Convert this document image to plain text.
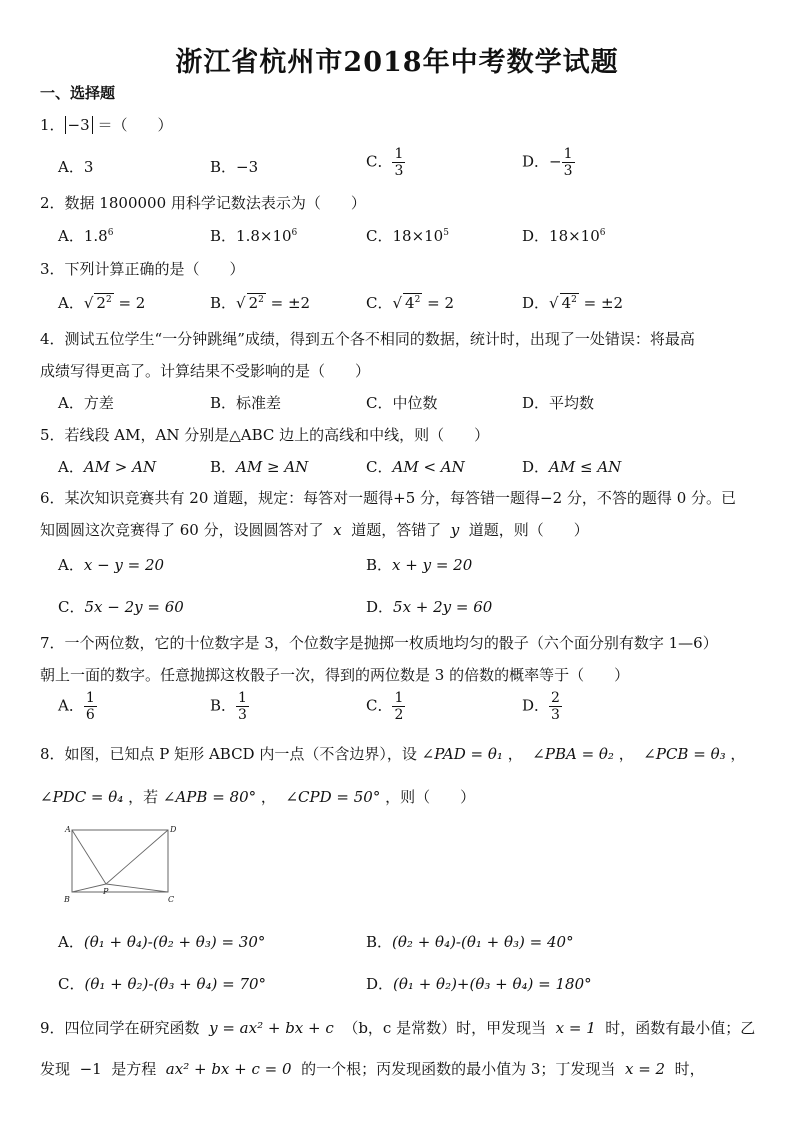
浙江省杭州市2018年中考数学试题
一、选择题
1． −3 ＝（　　）
A．3	B．−3	C． $\frac{1}{3}$	D．− $\frac{1}{3}$
2．数据 1800000 用科学记数法表示为（　　）
A．$1.8^6$	B．$1.8\times 10^6$	C．$18\times 10^5$	D．$18\times 10^6$
3．下列计算正确的是（　　）
A．√ $2^2 = 2$	B．√ $2^2 = \pm 2$	C．√ $4^2 = 2$	D．√ $4^2 = \pm 2$
4．测试五位学生“一分钟跳绳”成绩，得到五个各不相同的数据，统计时，出现了一处错误：将最高
成绩写得更高了。计算结果不受影响的是（　　）
A．方差	B．标准差	C．中位数	D．平均数
5．若线段 AM，AN 分别是△ABC 边上的高线和中线，则（　　）
A．AM > AN	B．AM ≥ AN	C．AM < AN	D．AM ≤ AN
6．某次知识竞赛共有 20 道题，规定：每答对一题得+5 分，每答错一题得−2 分，不答的题得 0 分。已
知圆圆这次竞赛得了 60 分，设圆圆答对了 x 道题，答错了 y 道题，则（　　）
A．x − y = 20	B．x + y = 20
C．5x − 2y = 60	D．5x + 2y = 60
7．一个两位数，它的十位数字是 3，个位数字是抛掷一枚质地均匀的骰子（六个面分别有数字 1—6）
朝上一面的数字。任意抛掷这枚骰子一次，得到的两位数是 3 的倍数的概率等于（　　）
A． $\frac{1}{6}$	B． $\frac{1}{3}$	C． $\frac{1}{2}$	D． $\frac{2}{3}$
8．如图，已知点 P 矩形 ABCD 内一点（不含边界），设 ∠PAD = θ₁ ， ∠PBA = θ₂ ， ∠PCB = θ₃ ，
∠PDC = θ₄ ，若 ∠APB = 80° ， ∠CPD = 50° ，则（　　）
A	D
B	C
P
A．(θ₁ + θ₄)-(θ₂ + θ₃) = 30°	B．(θ₂ + θ₄)-(θ₁ + θ₃) = 40°
C．(θ₁ + θ₂)-(θ₃ + θ₄) = 70°	D．(θ₁ + θ₂)+(θ₃ + θ₄) = 180°
9．四位同学在研究函数 y = ax² + bx + c （b，c 是常数）时，甲发现当 x = 1 时，函数有最小值；乙
发现 −1 是方程 ax² + bx + c = 0 的一个根；丙发现函数的最小值为 3；丁发现当 x = 2 时，
